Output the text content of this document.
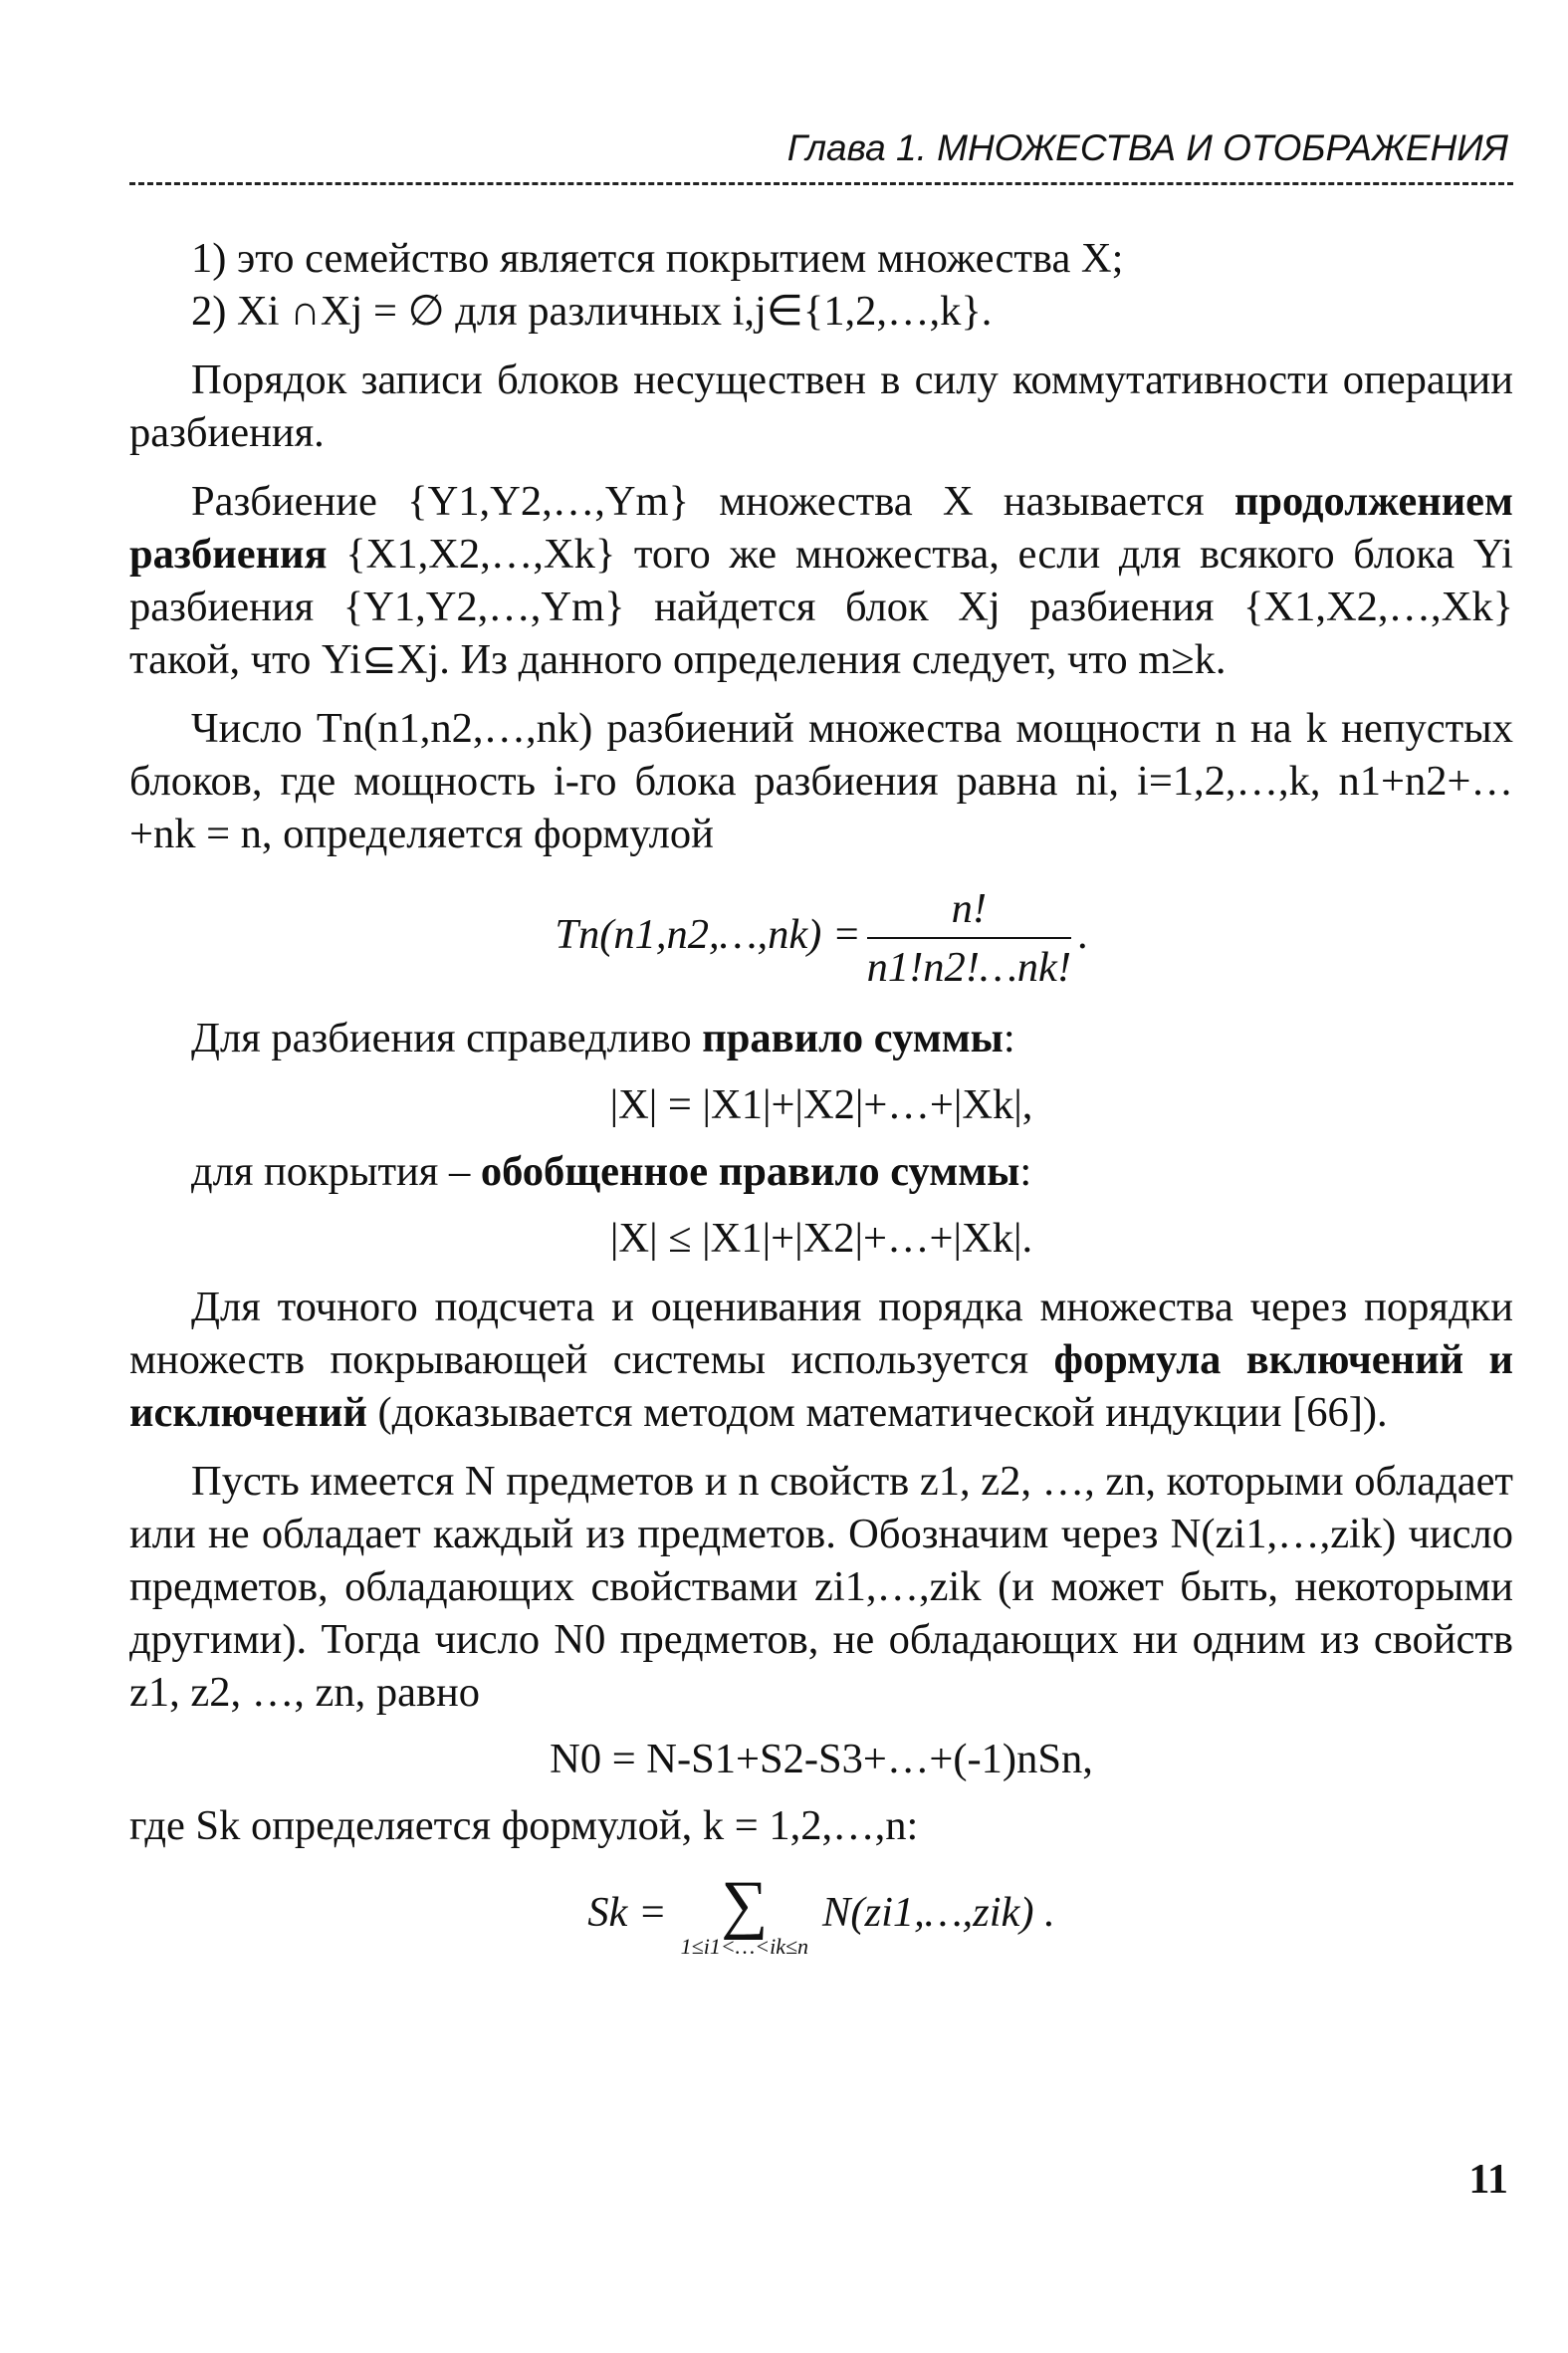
Глава 1. МНОЖЕСТВА И ОТОБРАЖЕНИЯ

1) это семейство является покрытием множества X;

2) Xi ∩Xj = ∅ для различных i,j∈{1,2,…,k}.

Порядок записи блоков несуществен в силу коммутативности операции разбиения.

Разбиение {Y1,Y2,…,Ym} множества X называется продолжением разбиения {X1,X2,…,Xk} того же множества, если для всякого блока Yi разбиения {Y1,Y2,…,Ym} найдется блок Xj разбиения {X1,X2,…,Xk} такой, что Yi⊆Xj. Из данного определения следует, что m≥k.

Число Tn(n1,n2,…,nk) разбиений множества мощности n на k непустых блоков, где мощность i-го блока разбиения равна ni, i=1,2,…,k, n1+n2+…+nk = n, определяется формулой

Tn(n1,n2,…,nk) = $\frac{n!}{n1!n2!\dots nk!}$ .

Для разбиения справедливо правило суммы:

|X| = |X1|+|X2|+…+|Xk|,

для покрытия – обобщенное правило суммы:

|X| ≤ |X1|+|X2|+…+|Xk|.

Для точного подсчета и оценивания порядка множества через порядки множеств покрывающей системы используется формула включений и исключений (доказывается методом математической индукции [66]).

Пусть имеется N предметов и n свойств z1, z2, …, zn, которыми обладает или не обладает каждый из предметов. Обозначим через N(zi1,…,zik) число предметов, обладающих свойствами zi1,…,zik (и может быть, некоторыми другими). Тогда число N0 предметов, не обладающих ни одним из свойств z1, z2, …, zn, равно

N0 = N-S1+S2-S3+…+(-1)nSn,

где Sk определяется формулой, k = 1,2,…,n:

Sk = ∑
1≤i1<…<ik≤n
N(zi1,…,zik) .

11
